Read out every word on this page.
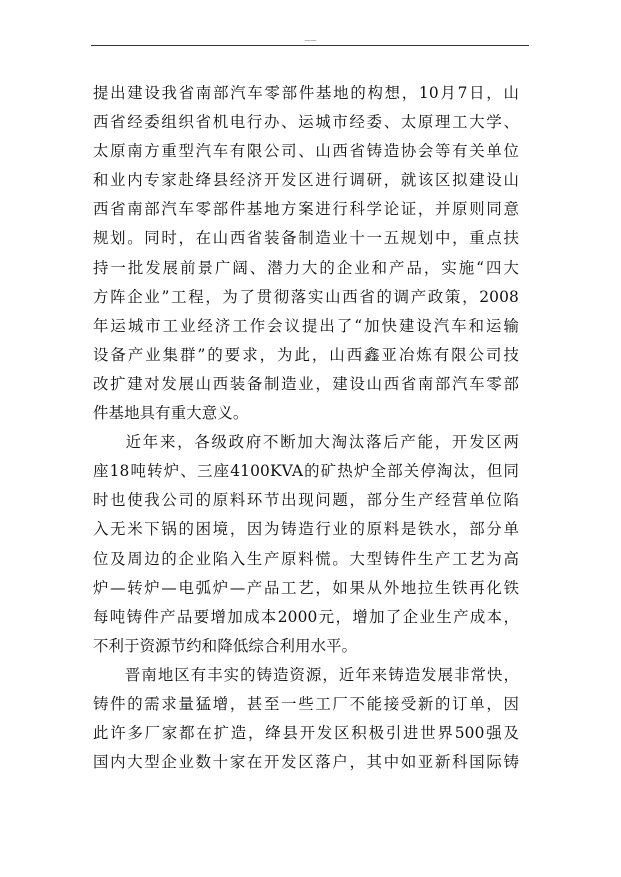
——

提出建设我省南部汽车零部件基地的构想，10月7日，山
西省经委组织省机电行办、运城市经委、太原理工大学、
太原南方重型汽车有限公司、山西省铸造协会等有关单位
和业内专家赴绛县经济开发区进行调研，就该区拟建设山
西省南部汽车零部件基地方案进行科学论证，并原则同意
规划。同时，在山西省装备制造业十一五规划中，重点扶
持一批发展前景广阔、潜力大的企业和产品，实施“四大
方阵企业”工程，为了贯彻落实山西省的调产政策，2008
年运城市工业经济工作会议提出了“加快建设汽车和运输
设备产业集群”的要求，为此，山西鑫亚冶炼有限公司技
改扩建对发展山西装备制造业，建设山西省南部汽车零部
件基地具有重大意义。

近年来，各级政府不断加大淘汰落后产能，开发区两
座18吨转炉、三座4100KVA的矿热炉全部关停淘汰，但同
时也使我公司的原料环节出现问题，部分生产经营单位陷
入无米下锅的困境，因为铸造行业的原料是铁水，部分单
位及周边的企业陷入生产原料慌。大型铸件生产工艺为高
炉—转炉—电弧炉—产品工艺，如果从外地拉生铁再化铁
每吨铸件产品要增加成本2000元，增加了企业生产成本，
不利于资源节约和降低综合利用水平。

晋南地区有丰实的铸造资源，近年来铸造发展非常快，
铸件的需求量猛增，甚至一些工厂不能接受新的订单，因
此许多厂家都在扩造，绛县开发区积极引进世界500强及
国内大型企业数十家在开发区落户，其中如亚新科国际铸
